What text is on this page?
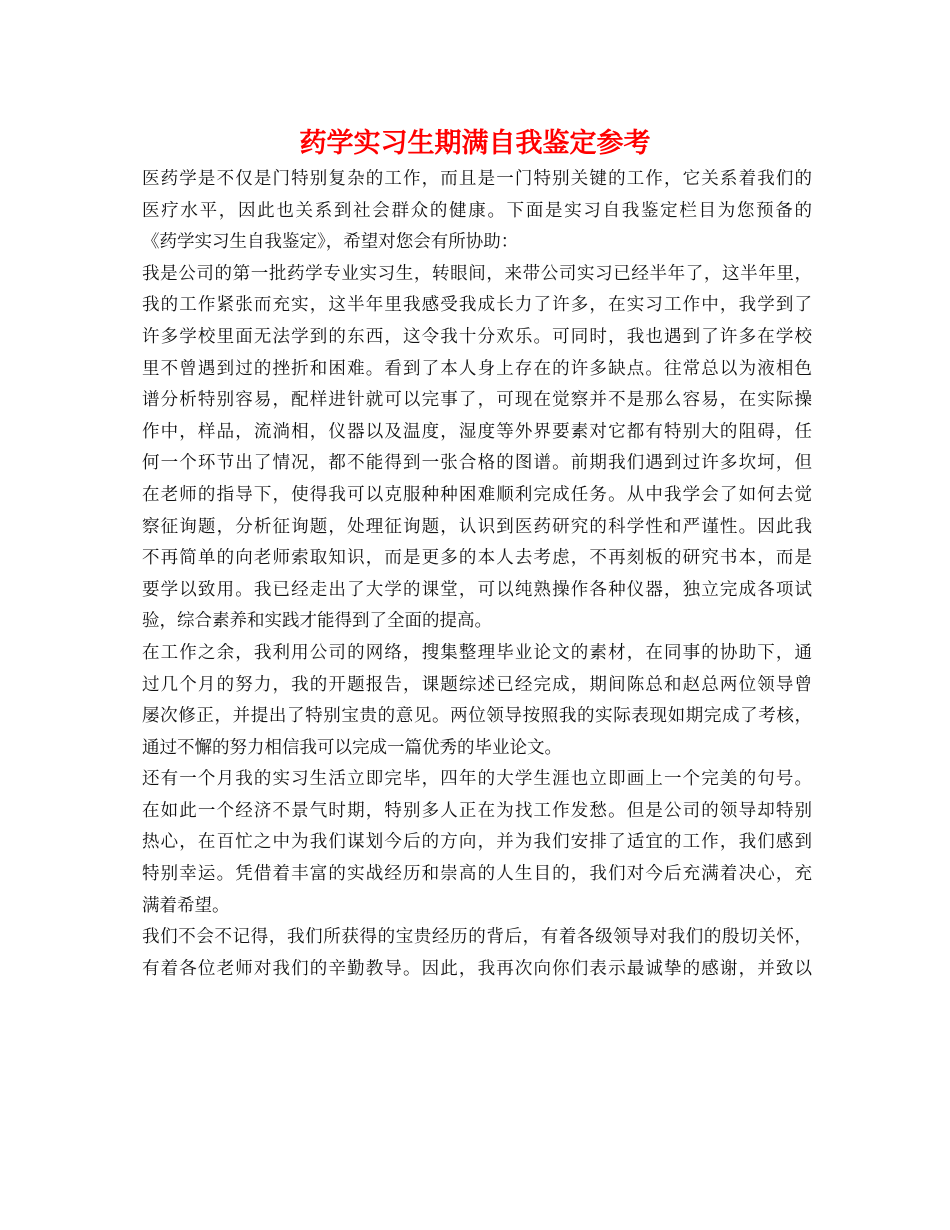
药学实习生期满自我鉴定参考
医药学是不仅是门特别复杂的工作，而且是一门特别关键的工作，它关系着我们的
医疗水平，因此也关系到社会群众的健康。下面是实习自我鉴定栏目为您预备的
《药学实习生自我鉴定》，希望对您会有所协助：
我是公司的第一批药学专业实习生，转眼间，来带公司实习已经半年了，这半年里，
我的工作紧张而充实，这半年里我感受我成长力了许多，在实习工作中，我学到了
许多学校里面无法学到的东西，这令我十分欢乐。可同时，我也遇到了许多在学校
里不曾遇到过的挫折和困难。看到了本人身上存在的许多缺点。往常总以为液相色
谱分析特别容易，配样进针就可以完事了，可现在觉察并不是那么容易，在实际操
作中，样品，流淌相，仪器以及温度，湿度等外界要素对它都有特别大的阻碍，任
何一个环节出了情况，都不能得到一张合格的图谱。前期我们遇到过许多坎坷，但
在老师的指导下，使得我可以克服种种困难顺利完成任务。从中我学会了如何去觉
察征询题，分析征询题，处理征询题，认识到医药研究的科学性和严谨性。因此我
不再简单的向老师索取知识，而是更多的本人去考虑，不再刻板的研究书本，而是
要学以致用。我已经走出了大学的课堂，可以纯熟操作各种仪器，独立完成各项试
验，综合素养和实践才能得到了全面的提高。
在工作之余，我利用公司的网络，搜集整理毕业论文的素材，在同事的协助下，通
过几个月的努力，我的开题报告，课题综述已经完成，期间陈总和赵总两位领导曾
屡次修正，并提出了特别宝贵的意见。两位领导按照我的实际表现如期完成了考核，
通过不懈的努力相信我可以完成一篇优秀的毕业论文。
还有一个月我的实习生活立即完毕，四年的大学生涯也立即画上一个完美的句号。
在如此一个经济不景气时期，特别多人正在为找工作发愁。但是公司的领导却特别
热心，在百忙之中为我们谋划今后的方向，并为我们安排了适宜的工作，我们感到
特别幸运。凭借着丰富的实战经历和崇高的人生目的，我们对今后充满着决心，充
满着希望。
我们不会不记得，我们所获得的宝贵经历的背后，有着各级领导对我们的殷切关怀，
有着各位老师对我们的辛勤教导。因此，我再次向你们表示最诚挚的感谢，并致以
